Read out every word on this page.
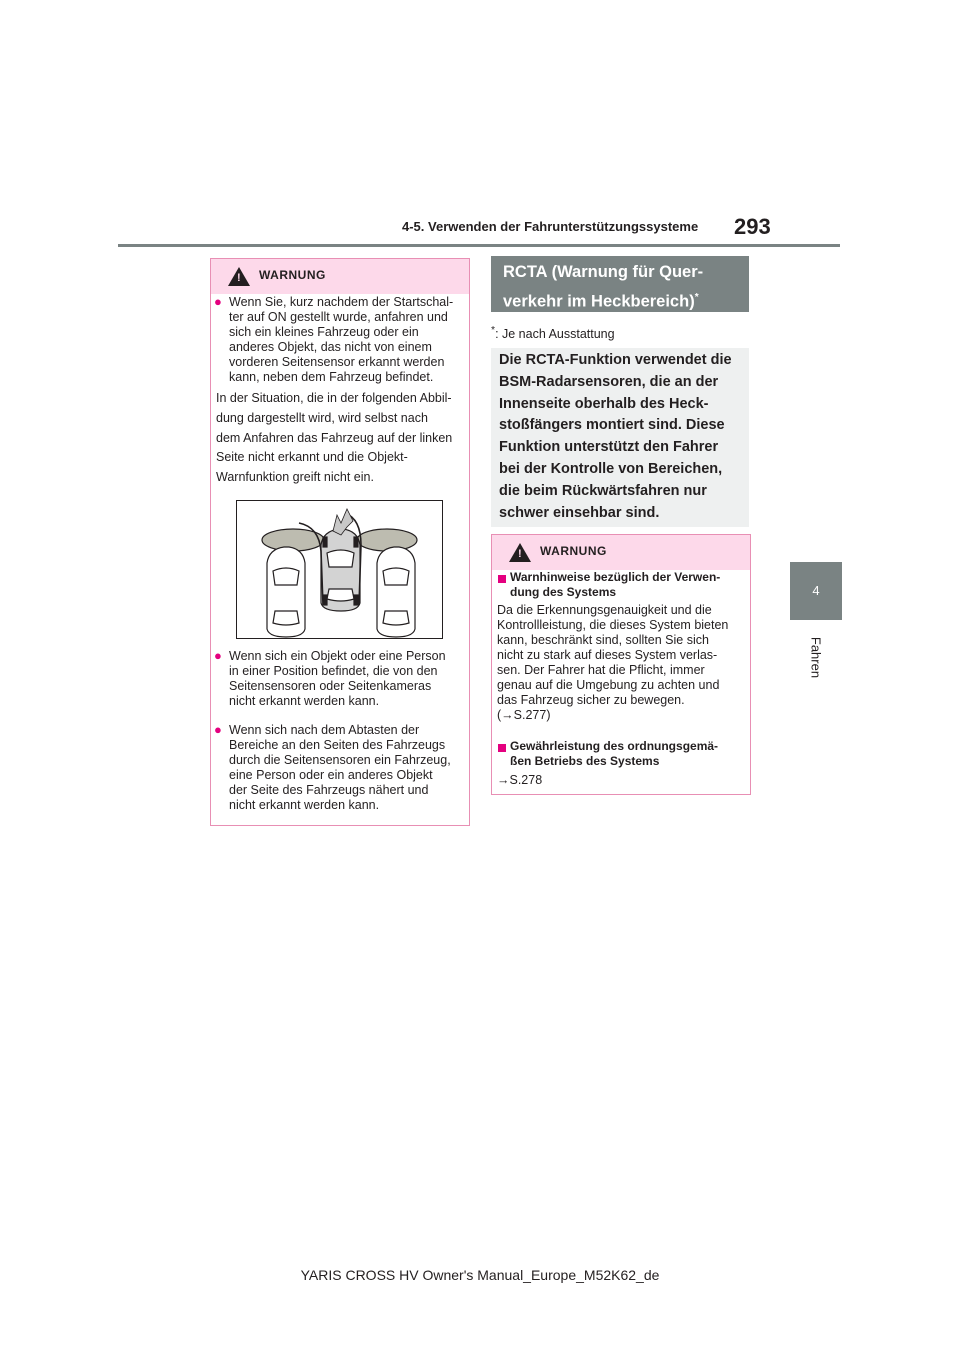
4-5. Verwenden der Fahrunterstützungssysteme 293
4
Fahren
! WARNUNG
● Wenn Sie, kurz nachdem der Startschal-
ter auf ON gestellt wurde, anfahren und
sich ein kleines Fahrzeug oder ein
anderes Objekt, das nicht von einem
vorderen Seitensensor erkannt werden
kann, neben dem Fahrzeug befindet.
In der Situation, die in der folgenden Abbil-
dung dargestellt wird, wird selbst nach
dem Anfahren das Fahrzeug auf der linken
Seite nicht erkannt und die Objekt-
Warnfunktion greift nicht ein.
● Wenn sich ein Objekt oder eine Person
in einer Position befindet, die von den
Seitensensoren oder Seitenkameras
nicht erkannt werden kann.
● Wenn sich nach dem Abtasten der
Bereiche an den Seiten des Fahrzeugs
durch die Seitensensoren ein Fahrzeug,
eine Person oder ein anderes Objekt
der Seite des Fahrzeugs nähert und
nicht erkannt werden kann.
RCTA (Warnung für Quer-
verkehr im Heckbereich)*
*: Je nach Ausstattung
Die RCTA-Funktion verwendet die
BSM-Radarsensoren, die an der
Innenseite oberhalb des Heck-
stoßfängers montiert sind. Diese
Funktion unterstützt den Fahrer
bei der Kontrolle von Bereichen,
die beim Rückwärtsfahren nur
schwer einsehbar sind.
! WARNUNG
Warnhinweise bezüglich der Verwen-
dung des Systems
Da die Erkennungsgenauigkeit und die
Kontrollleistung, die dieses System bieten
kann, beschränkt sind, sollten Sie sich
nicht zu stark auf dieses System verlas-
sen. Der Fahrer hat die Pflicht, immer
genau auf die Umgebung zu achten und
das Fahrzeug sicher zu bewegen.
(→S.277)
Gewährleistung des ordnungsgemä-
ßen Betriebs des Systems
→S.278
YARIS CROSS HV Owner's Manual_Europe_M52K62_de
